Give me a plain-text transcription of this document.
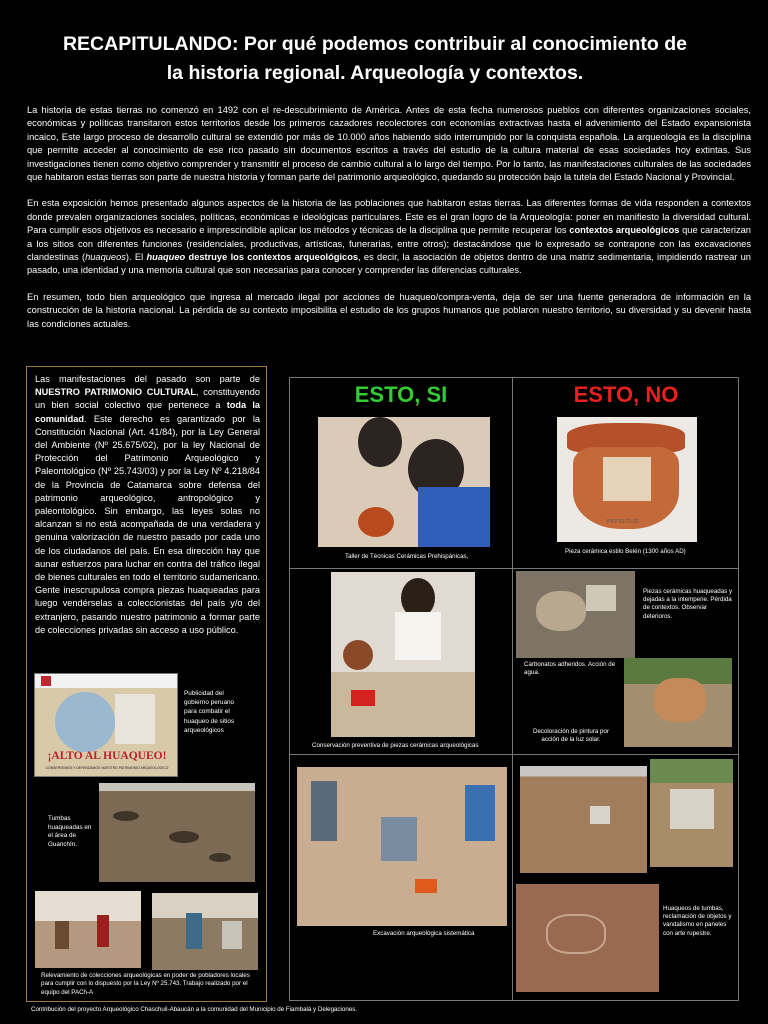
RECAPITULANDO: Por qué podemos contribuir al conocimiento de
la historia regional. Arqueología y contextos.

La historia de estas tierras no comenzó en 1492 con el re-descubrimiento de América. Antes de esta fecha numerosos pueblos con diferentes organizaciones sociales, económicas y políticas transitaron estos territorios desde los primeros cazadores recolectores con economías extractivas hasta el advenimiento del Estado expansionista incaico, Este largo proceso de desarrollo cultural se extendió por más de 10.000 años habiendo sido interrumpido por la conquista española. La arqueología es la disciplina que permite acceder al conocimiento de ese rico pasado sin documentos escritos a través del estudio de la cultura material de esas sociedades hoy extintas. Sus investigaciones tienen como objetivo comprender y transmitir el proceso de cambio cultural a lo largo del tiempo. Por lo tanto, las manifestaciones culturales de las sociedades que habitaron estas tierras son parte de nuestra historia y forman parte del patrimonio arqueológico, quedando su protección bajo la tutela del Estado Nacional y Provincial.

En esta exposición hemos presentado algunos aspectos de la historia de las poblaciones que habitaron estas tierras. Las diferentes formas de vida responden a contextos donde prevalen organizaciones sociales, políticas, económicas e ideológicas particulares. Este es el gran logro de la Arqueología: poner en manifiesto la diversidad cultural. Para cumplir esos objetivos es necesario e imprescindible aplicar los métodos y técnicas de la disciplina que permite recuperar los contextos arqueológicos que caracterizan a los sitios con diferentes funciones (residenciales, productivas, artísticas, funerarias, entre otros); destacándose que lo expresado se contrapone con las excavaciones clandestinas (huaqueos). El huaqueo destruye los contextos arqueológicos, es decir, la asociación de objetos dentro de una matriz sedimentaria, impidiendo rastrear un pasado, una identidad y una memoria cultural que son necesarias para conocer y comprender las diferencias culturales.

En resumen, todo bien arqueológico que ingresa al mercado ilegal por acciones de huaqueo/compra-venta, deja de ser una fuente generadora de información en la construcción de la historia nacional. La pérdida de su contexto imposibilita el estudio de los grupos humanos que poblaron nuestro territorio, su diversidad y su devenir hasta las condiciones actuales.

Las manifestaciones del pasado son parte de NUESTRO PATRIMONIO CULTURAL, constituyendo un bien social colectivo que pertenece a toda la comunidad. Este derecho es garantizado por la Constitución Nacional (Art. 41/84), por la Ley General del Ambiente (Nº 25.675/02), por la ley Nacional de Protección del Patrimonio Arqueológico y Paleontológico (Nº 25.743/03) y por la Ley Nº 4.218/84 de la Provincia de Catamarca sobre defensa del patrimonio arqueológico, antropológico y paleontológico. Sin embargo, las leyes solas no alcanzan si no está acompañada de una verdadera y genuina valorización de nuestro pasado por cada uno de los ciudadanos del país. En esa dirección hay que aunar esfuerzos para luchar en contra del tráfico ilegal de bienes culturales en todo el territorio sudamericano. Gente inescrupulosa compra piezas huaqueadas para luego vendérselas a coleccionistas del país y/o del extranjero, pasando nuestro patrimonio a formar parte de colecciones privadas sin acceso a uso público.
¡ALTO AL HUAQUEO!
CONSERVEMOS Y DEFENDAMOS NUESTRO PATRIMONIO ARQUEOLÓGICO
Publicidad del gobierno peruano para combatir el huaqueo de sitios arqueológicos
Tumbas huaqueadas en el área de Guanchín.
Relevamiento de colecciones arqueológicas en poder de pobladores locales para cumplir con lo dispuesto por la Ley Nº 25.743. Trabajo realizado por el equipo del PACh-A
ESTO, SI	ESTO, NO
Taller de Técnicas Cerámicas Prehispánicas,
PB PSJ-71-01
Pieza cerámica estilo Belén (1300 años AD)
Conservación preventiva de piezas cerámicas arqueológicas
Piezas cerámicas huaqueadas y dejadas a la intemperie. Pérdida de contextos. Observar deterioros.
Carbonatos adheridos. Acción de agua.
Decoloración de pintura por acción de la luz solar.
Excavación arqueológica sistemática
Huaqueos de tumbas, reclamación de objetos y vandalismo en paneles con arte rupestre.
Contribución del proyecto Arqueológico Chaschuil-Abaucán a la comunidad del Municipio de Fiambalá y Delegaciones.
